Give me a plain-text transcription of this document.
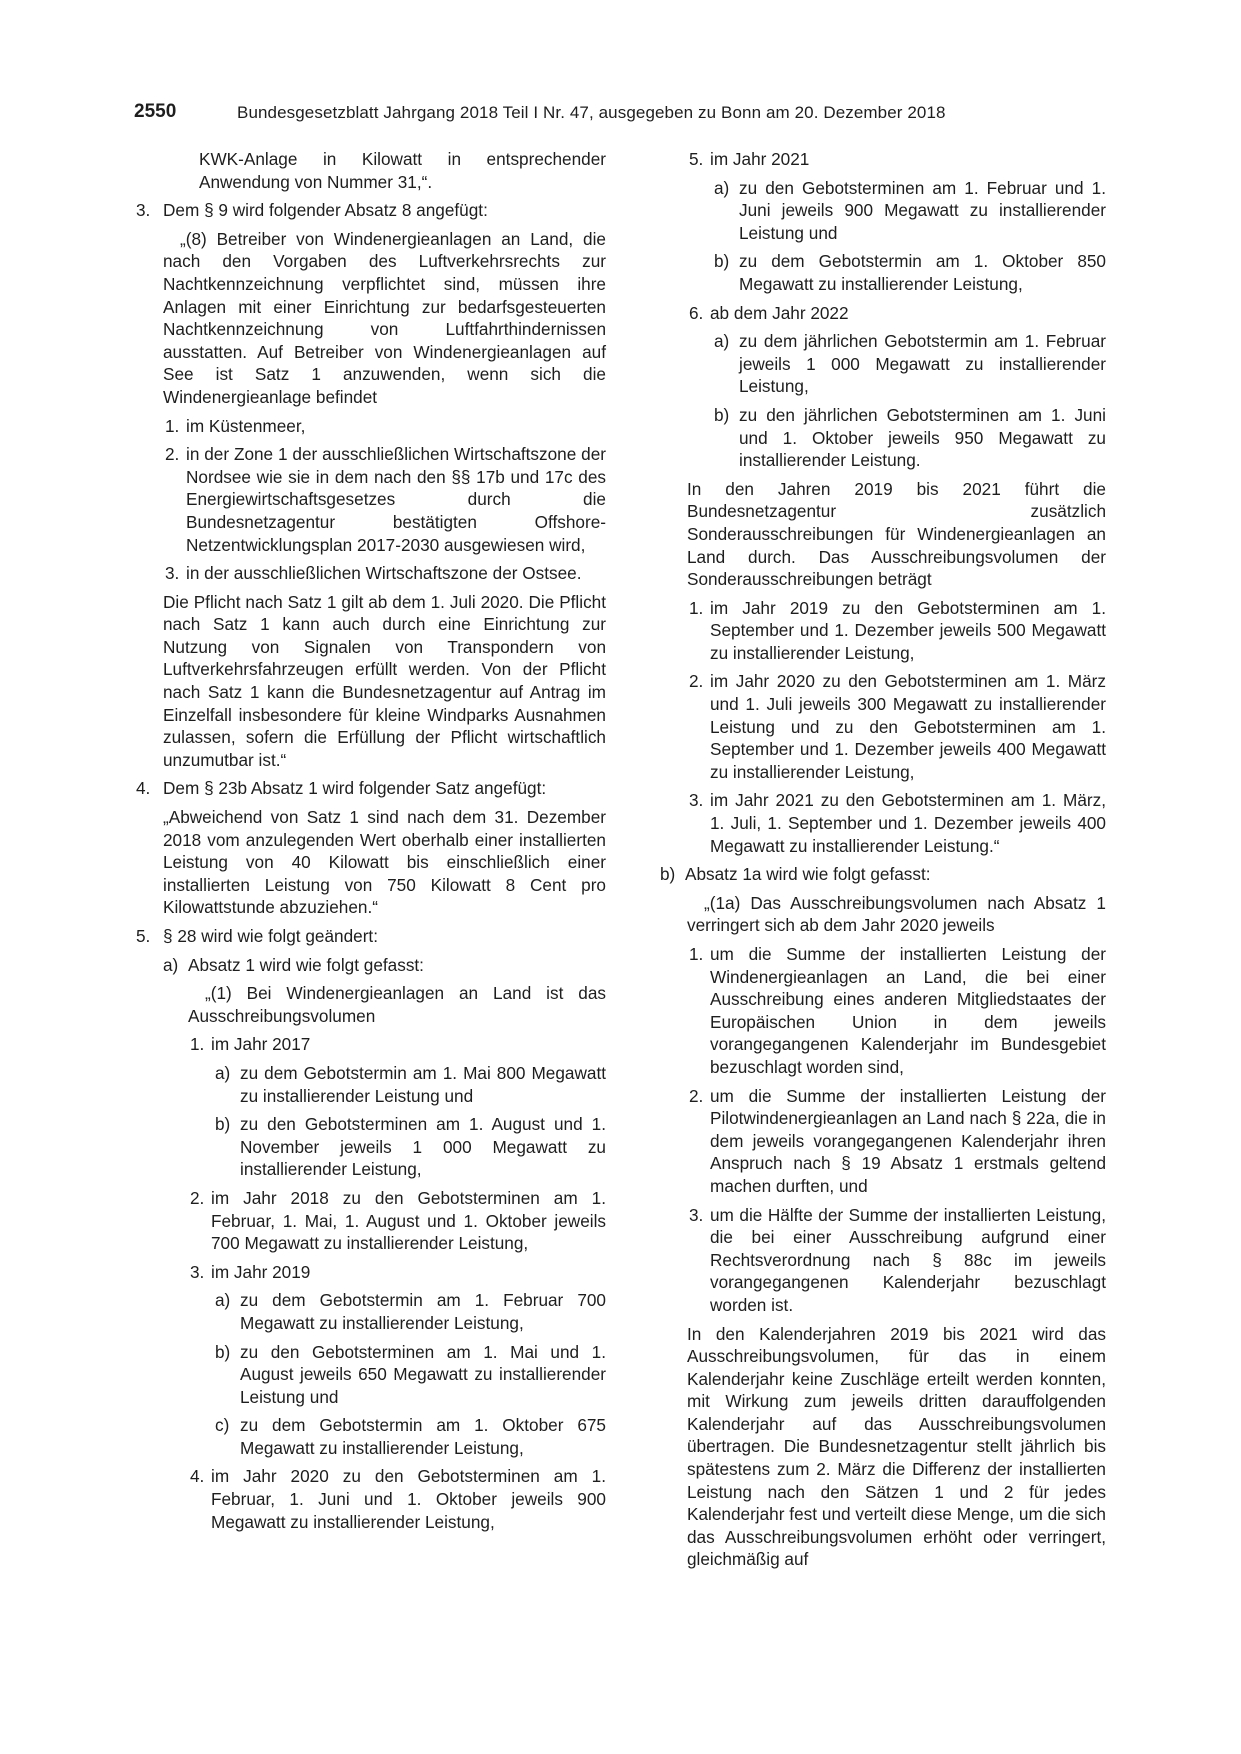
2550	Bundesgesetzblatt Jahrgang 2018 Teil I Nr. 47, ausgegeben zu Bonn am 20. Dezember 2018
KWK-Anlage in Kilowatt in entsprechender Anwendung von Nummer 31,“.
3. Dem § 9 wird folgender Absatz 8 angefügt:
„(8) Betreiber von Windenergieanlagen an Land, die nach den Vorgaben des Luftverkehrsrechts zur Nachtkennzeichnung verpflichtet sind, müssen ihre Anlagen mit einer Einrichtung zur bedarfsgesteuerten Nachtkennzeichnung von Luftfahrthindernissen ausstatten. Auf Betreiber von Windenergieanlagen auf See ist Satz 1 anzuwenden, wenn sich die Windenergieanlage befindet
1. im Küstenmeer,
2. in der Zone 1 der ausschließlichen Wirtschaftszone der Nordsee wie sie in dem nach den §§ 17b und 17c des Energiewirtschaftsgesetzes durch die Bundesnetzagentur bestätigten Offshore-Netzentwicklungsplan 2017-2030 ausgewiesen wird,
3. in der ausschließlichen Wirtschaftszone der Ostsee.
Die Pflicht nach Satz 1 gilt ab dem 1. Juli 2020. Die Pflicht nach Satz 1 kann auch durch eine Einrichtung zur Nutzung von Signalen von Transpondern von Luftverkehrsfahrzeugen erfüllt werden. Von der Pflicht nach Satz 1 kann die Bundesnetzagentur auf Antrag im Einzelfall insbesondere für kleine Windparks Ausnahmen zulassen, sofern die Erfüllung der Pflicht wirtschaftlich unzumutbar ist.“
4. Dem § 23b Absatz 1 wird folgender Satz angefügt:
„Abweichend von Satz 1 sind nach dem 31. Dezember 2018 vom anzulegenden Wert oberhalb einer installierten Leistung von 40 Kilowatt bis einschließlich einer installierten Leistung von 750 Kilowatt 8 Cent pro Kilowattstunde abzuziehen.“
5. § 28 wird wie folgt geändert:
a) Absatz 1 wird wie folgt gefasst:
„(1) Bei Windenergieanlagen an Land ist das Ausschreibungsvolumen
1. im Jahr 2017
a) zu dem Gebotstermin am 1. Mai 800 Megawatt zu installierender Leistung und
b) zu den Gebotsterminen am 1. August und 1. November jeweils 1 000 Megawatt zu installierender Leistung,
2. im Jahr 2018 zu den Gebotsterminen am 1. Februar, 1. Mai, 1. August und 1. Oktober jeweils 700 Megawatt zu installierender Leistung,
3. im Jahr 2019
a) zu dem Gebotstermin am 1. Februar 700 Megawatt zu installierender Leistung,
b) zu den Gebotsterminen am 1. Mai und 1. August jeweils 650 Megawatt zu installierender Leistung und
c) zu dem Gebotstermin am 1. Oktober 675 Megawatt zu installierender Leistung,
4. im Jahr 2020 zu den Gebotsterminen am 1. Februar, 1. Juni und 1. Oktober jeweils 900 Megawatt zu installierender Leistung,
5. im Jahr 2021
a) zu den Gebotsterminen am 1. Februar und 1. Juni jeweils 900 Megawatt zu installierender Leistung und
b) zu dem Gebotstermin am 1. Oktober 850 Megawatt zu installierender Leistung,
6. ab dem Jahr 2022
a) zu dem jährlichen Gebotstermin am 1. Februar jeweils 1 000 Megawatt zu installierender Leistung,
b) zu den jährlichen Gebotsterminen am 1. Juni und 1. Oktober jeweils 950 Megawatt zu installierender Leistung.
In den Jahren 2019 bis 2021 führt die Bundesnetzagentur zusätzlich Sonderausschreibungen für Windenergieanlagen an Land durch. Das Ausschreibungsvolumen der Sonderausschreibungen beträgt
1. im Jahr 2019 zu den Gebotsterminen am 1. September und 1. Dezember jeweils 500 Megawatt zu installierender Leistung,
2. im Jahr 2020 zu den Gebotsterminen am 1. März und 1. Juli jeweils 300 Megawatt zu installierender Leistung und zu den Gebotsterminen am 1. September und 1. Dezember jeweils 400 Megawatt zu installierender Leistung,
3. im Jahr 2021 zu den Gebotsterminen am 1. März, 1. Juli, 1. September und 1. Dezember jeweils 400 Megawatt zu installierender Leistung.“
b) Absatz 1a wird wie folgt gefasst:
„(1a) Das Ausschreibungsvolumen nach Absatz 1 verringert sich ab dem Jahr 2020 jeweils
1. um die Summe der installierten Leistung der Windenergieanlagen an Land, die bei einer Ausschreibung eines anderen Mitgliedstaates der Europäischen Union in dem jeweils vorangegangenen Kalenderjahr im Bundesgebiet bezuschlagt worden sind,
2. um die Summe der installierten Leistung der Pilotwindenergieanlagen an Land nach § 22a, die in dem jeweils vorangegangenen Kalenderjahr ihren Anspruch nach § 19 Absatz 1 erstmals geltend machen durften, und
3. um die Hälfte der Summe der installierten Leistung, die bei einer Ausschreibung aufgrund einer Rechtsverordnung nach § 88c im jeweils vorangegangenen Kalenderjahr bezuschlagt worden ist.
In den Kalenderjahren 2019 bis 2021 wird das Ausschreibungsvolumen, für das in einem Kalenderjahr keine Zuschläge erteilt werden konnten, mit Wirkung zum jeweils dritten darauffolgenden Kalenderjahr auf das Ausschreibungsvolumen übertragen. Die Bundesnetzagentur stellt jährlich bis spätestens zum 2. März die Differenz der installierten Leistung nach den Sätzen 1 und 2 für jedes Kalenderjahr fest und verteilt diese Menge, um die sich das Ausschreibungsvolumen erhöht oder verringert, gleichmäßig auf
